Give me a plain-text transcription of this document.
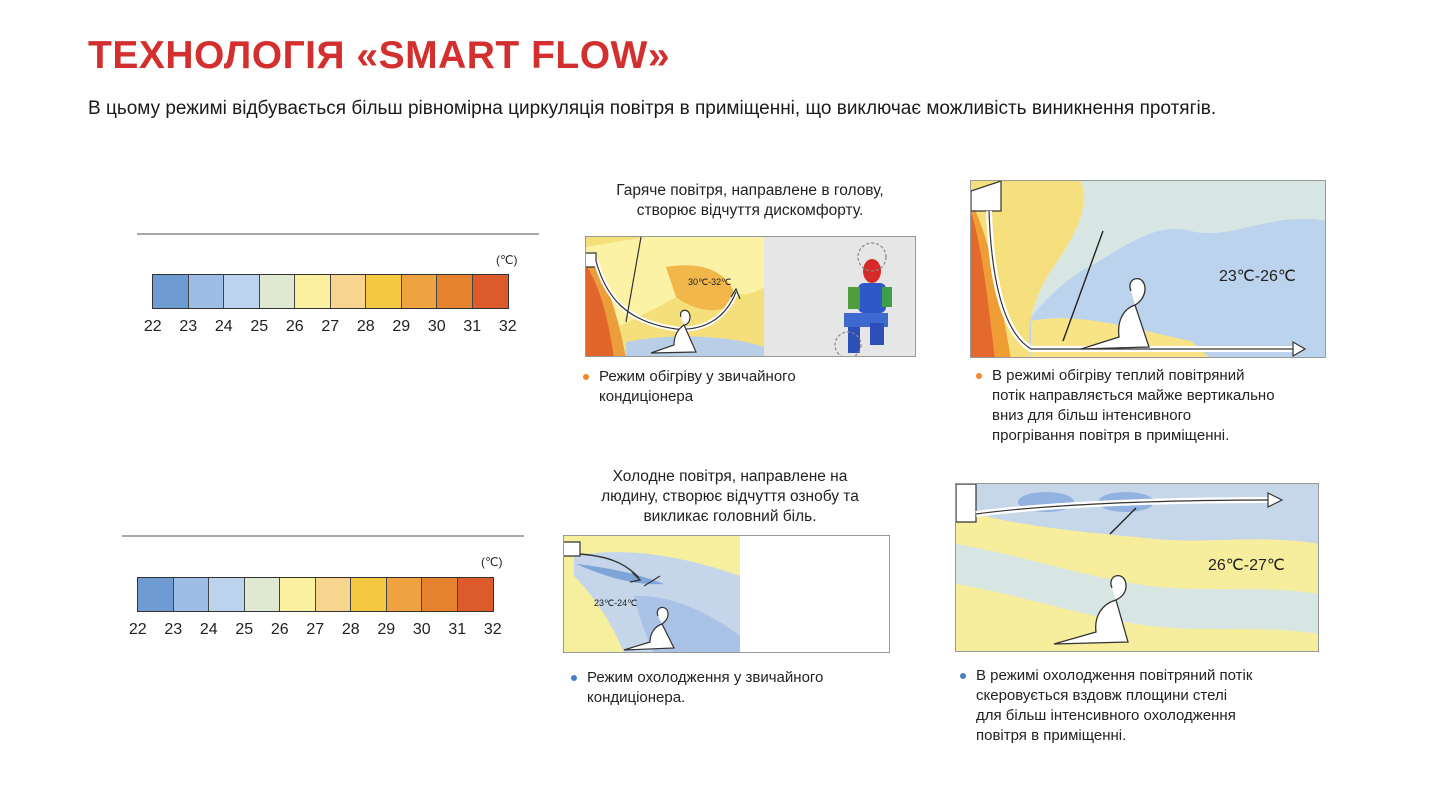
ТЕХНОЛОГІЯ «SMART FLOW»

В цьому режимі відбувається більш рівномірна циркуляція повітря в приміщенні, що виключає можливість виникнення протягів.

(℃)
22	23	24	25	26	27	28	29	30	31	32
(℃)
22	23	24	25	26	27	28	29	30	31	32
Гаряче повітря, направлене в голову,
створює відчуття дискомфорту.
30℃-32℃	23℃-26℃
Режим обігріву у звичайного
кондиціонера
В режимі обігріву теплий повітряний
потік направляється майже вертикально
вниз для більш інтенсивного
прогрівання повітря в приміщенні.
Холодне повітря, направлене на
людину, створює відчуття ознобу та
викликає головний біль.
23℃-24℃
26℃-27℃
Режим охолодження у звичайного
кондиціонера.
В режимі охолодження повітряний потік
скеровується вздовж площини стелі
для більш інтенсивного охолодження
повітря в приміщенні.
